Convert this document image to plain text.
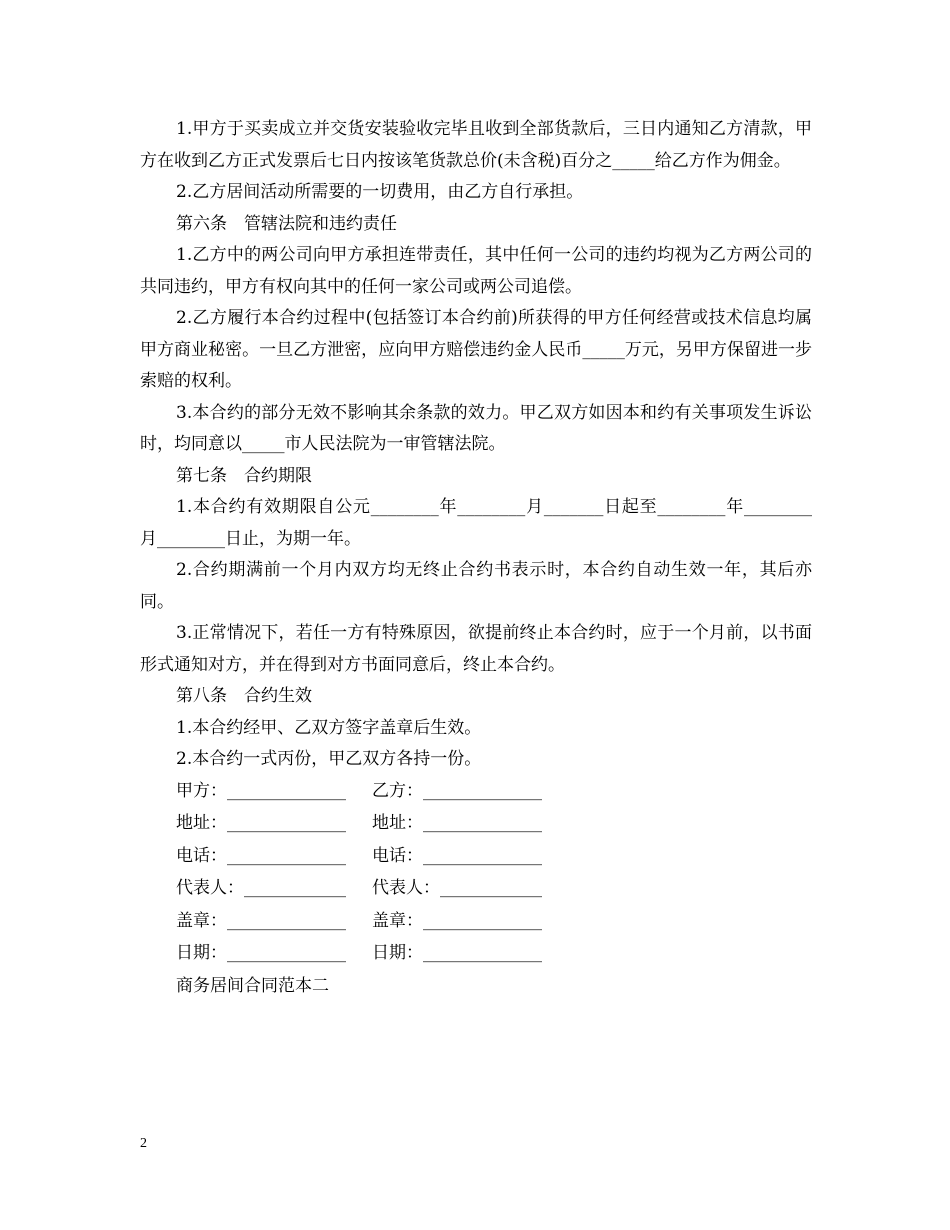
1.甲方于买卖成立并交货安装验收完毕且收到全部货款后，三日内通知乙方清款，甲方在收到乙方正式发票后七日内按该笔货款总价(未含税)百分之_____给乙方作为佣金。

2.乙方居间活动所需要的一切费用，由乙方自行承担。

第六条　管辖法院和违约责任

1.乙方中的两公司向甲方承担连带责任，其中任何一公司的违约均视为乙方两公司的共同违约，甲方有权向其中的任何一家公司或两公司追偿。

2.乙方履行本合约过程中(包括签订本合约前)所获得的甲方任何经营或技术信息均属甲方商业秘密。一旦乙方泄密，应向甲方赔偿违约金人民币_____万元，另甲方保留进一步索赔的权利。

3.本合约的部分无效不影响其余条款的效力。甲乙双方如因本和约有关事项发生诉讼时，均同意以_____市人民法院为一审管辖法院。

第七条　合约期限

1.本合约有效期限自公元________年________月_______日起至________年________月________日止，为期一年。

2.合约期满前一个月内双方均无终止合约书表示时，本合约自动生效一年，其后亦同。

3.正常情况下，若任一方有特殊原因，欲提前终止本合约时，应于一个月前，以书面形式通知对方，并在得到对方书面同意后，终止本合约。

第八条　合约生效

1.本合约经甲、乙双方签字盖章后生效。

2.本合约一式丙份，甲乙双方各持一份。

甲方：______________ 乙方：______________
地址：______________ 地址：______________
电话：______________ 电话：______________
代表人：____________ 代表人：____________
盖章：______________ 盖章：______________
日期：______________ 日期：______________

商务居间合同范本二

2
